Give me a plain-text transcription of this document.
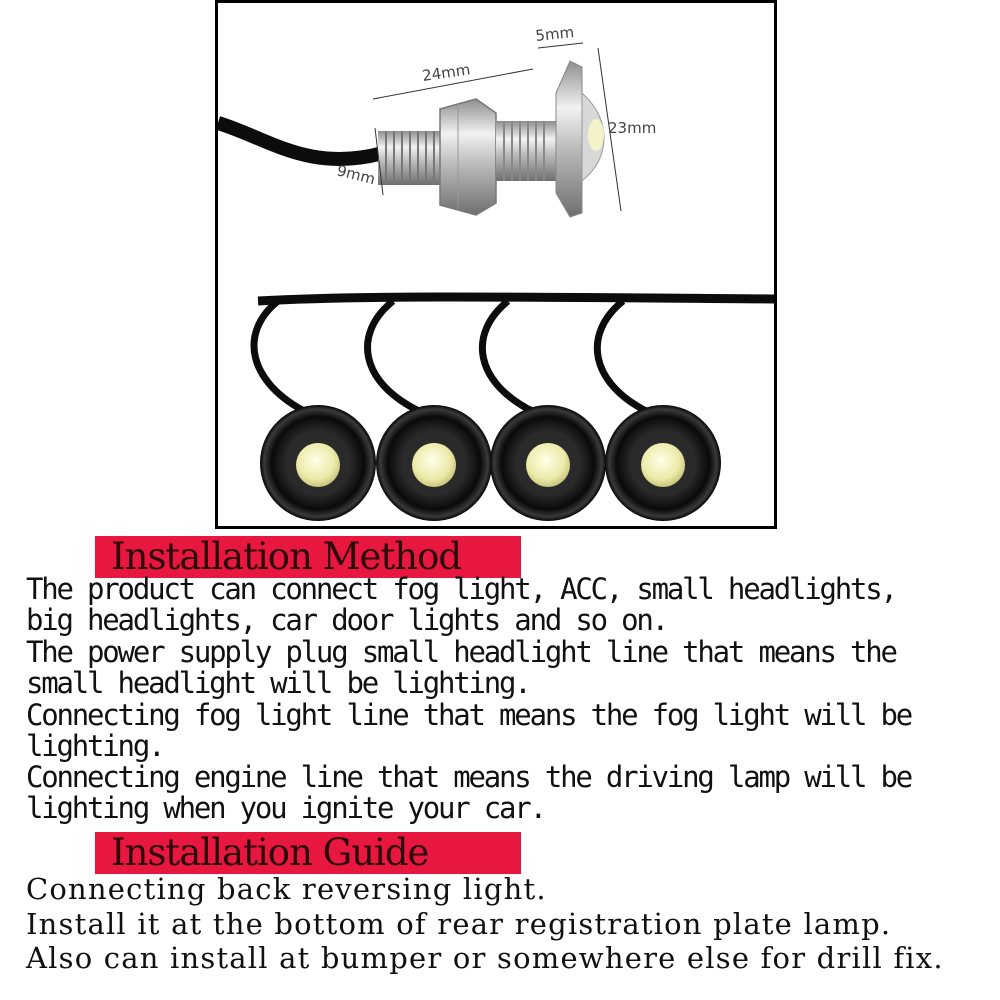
24mm
5mm
23mm
9mm
Installation Method
The product can connect fog light, ACC, small headlights,
big headlights, car door lights and so on.
The power supply plug small headlight line that means the
small headlight will be lighting.
Connecting fog light line that means the fog light will be
lighting.
Connecting engine line that means the driving lamp will be
lighting when you ignite your car.
Installation Guide
Connecting back reversing light.
Install it at the bottom of rear registration plate lamp.
Also can install at bumper or somewhere else for drill fix.
